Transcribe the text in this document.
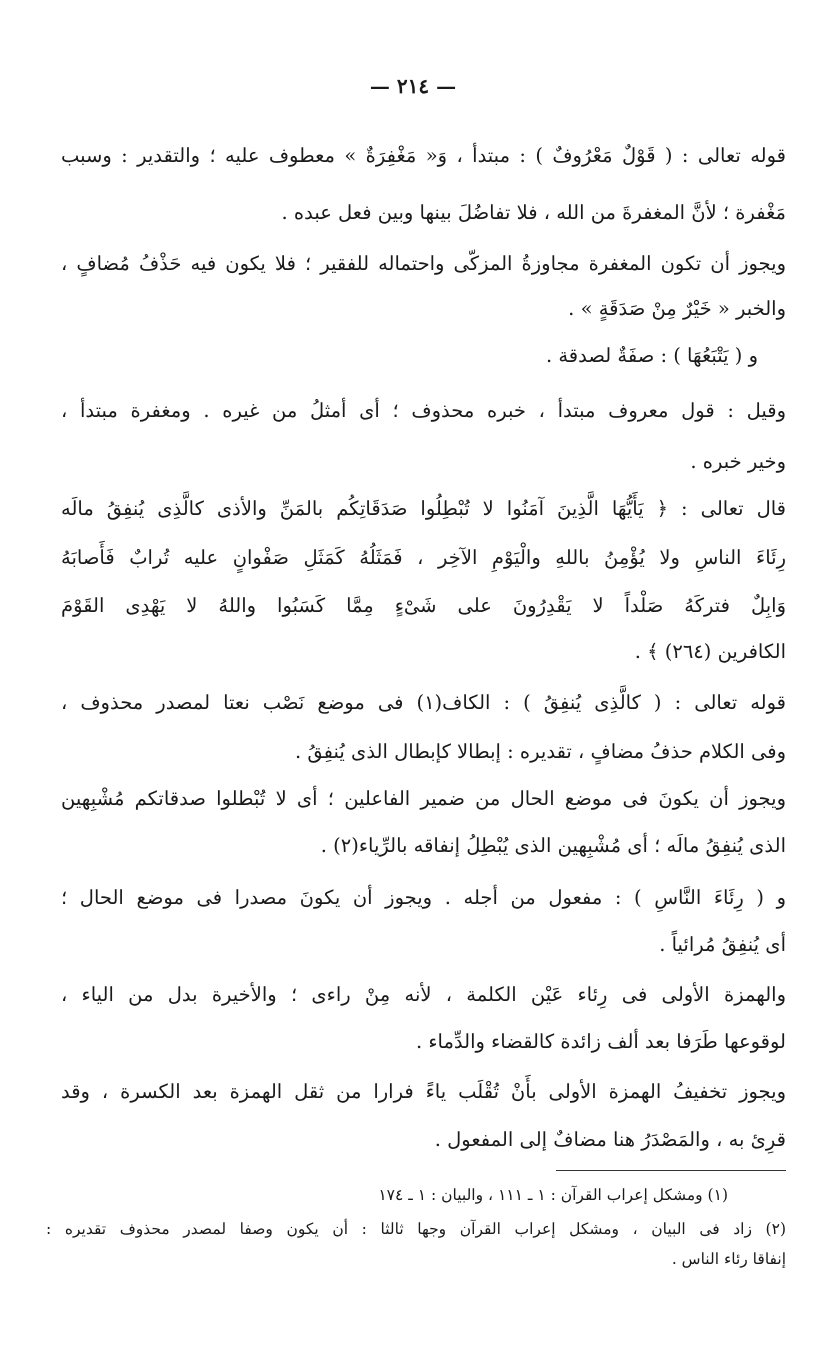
— ٢١٤ —
قوله تعالى : ( قَوْلٌ مَعْرُوفٌ ) : مبتدأ ، وَ« مَغْفِرَةٌ » معطوف عليه ؛ والتقدير : وسبب
مَغْفرة ؛ لأنَّ المغفرةَ من الله ، فلا تفاضُلَ بينها وبين فعل عبده .
ويجوز أن تكون المغفرة مجاوزةُ المزكّى واحتماله للفقير ؛ فلا يكون فيه حَذْفُ مُضافٍ ،
والخبر « خَيْرٌ مِنْ صَدَقَةٍ » .
و ( يَتْبَعُهَا ) : صفَةٌ لصدقة .
وقيل : قول معروف مبتدأ ، خبره محذوف ؛ أى أمثلُ من غيره . ومغفرة مبتدأ ،
وخير خبره .
قال تعالى : ﴿ يَأَيُّهَا الَّذِينَ آمَنُوا لا تُبْطِلُوا صَدَقَاتِكُم بالمَنِّ والأذى كالَّذِى يُنفِقُ مالَه
رِئَاءَ الناسِ ولا يُؤْمِنُ باللهِ والْيَوْمِ الآخِر ، فَمَثَلُهُ كَمَثَلِ صَفْوانٍ عليه تُرابٌ فَأَصابَهُ
وَابِلٌ فتركَهُ صَلْداً لا يَقْدِرُونَ على شَىْءٍ مِمَّا كَسَبُوا واللهُ لا يَهْدِى القَوْمَ
الكافرين (٢٦٤) ﴾ .
قوله تعالى : ( كالَّذِى يُنفِقُ ) : الكاف(١) فى موضع نَصْب نعتا لمصدر محذوف ،
وفى الكلام حذفُ مضافٍ ، تقديره : إبطالا كإبطال الذى يُنفِقُ .
ويجوز أن يكونَ فى موضع الحال من ضمير الفاعلين ؛ أى لا تُبْطلوا صدقاتكم مُشْبِهين
الذى يُنفِقُ مالَه ؛ أى مُشْبِهين الذى يُبْطِلُ إنفاقه بالرِّياء(٢) .
و ( رِئَاءَ النَّاسِ ) : مفعول من أجله . ويجوز أن يكونَ مصدرا فى موضع الحال ؛
أى يُنفِقُ مُرائياً .
والهمزة الأولى فى رِئاء عَيْن الكلمة ، لأنه مِنْ راءى ؛ والأخيرة بدل من الياء ،
لوقوعها طَرَفا بعد ألف زائدة كالقضاء والدِّماء .
ويجوز تخفيفُ الهمزة الأولى بأَنْ تُقْلَب ياءً فرارا من ثقل الهمزة بعد الكسرة ، وقد
قرِئ به ، والمَصْدَرُ هنا مضافٌ إلى المفعول .
(١) ومشكل إعراب القرآن : ١ ـ ١١١ ، والبيان : ١ ـ ١٧٤
(٢) زاد فى البيان ، ومشكل إعراب القرآن وجها ثالثا : أن يكون وصفا لمصدر محذوف تقديره :
إنفاقا رئاء الناس .
